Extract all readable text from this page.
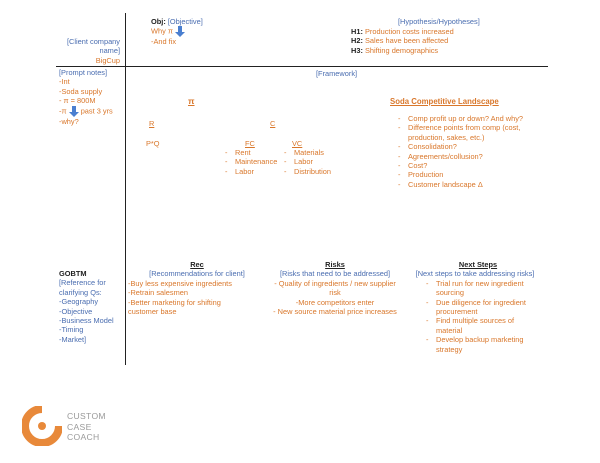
[Client company name]
BigCup
Obj: [Objective]
Why π
-And fix
[Hypothesis/Hypotheses]
H1: Production costs increased
H2: Sales have been affected
H3: Shifting demographics
[Prompt notes]
-Int
-Soda supply
- π = 800M
-π past 3 yrs
-why?
[Framework]
π
R	C
P*Q	FC
- Rent
- Maintenance
- Labor
VC
- Materials
- Labor
- Distribution
Soda Competitive Landscape
- Comp profit up or down? And why?
- Difference points from comp (cost, production, sakes, etc.)
- Consolidation?
- Agreements/collusion?
- Cost?
- Production
- Customer landscape Δ
GOBTM
[Reference for
clarifying Qs:
-Geography
-Objective
-Business Model
-Timing
-Market]
Rec
[Recommendations for client]
-Buy less expensive ingredients
-Retrain salesmen
-Better marketing for shifting
customer base
Risks
[Risks that need to be addressed]
- Quality of ingredients / new supplier
risk
-More competitors enter
- New source material price increases
Next Steps
[Next steps to take addressing risks]
- Trial run for new ingredient sourcing
- Due diligence for ingredient procurement
- Find multiple sources of material
- Develop backup marketing strategy
CUSTOM
CASE
COACH
